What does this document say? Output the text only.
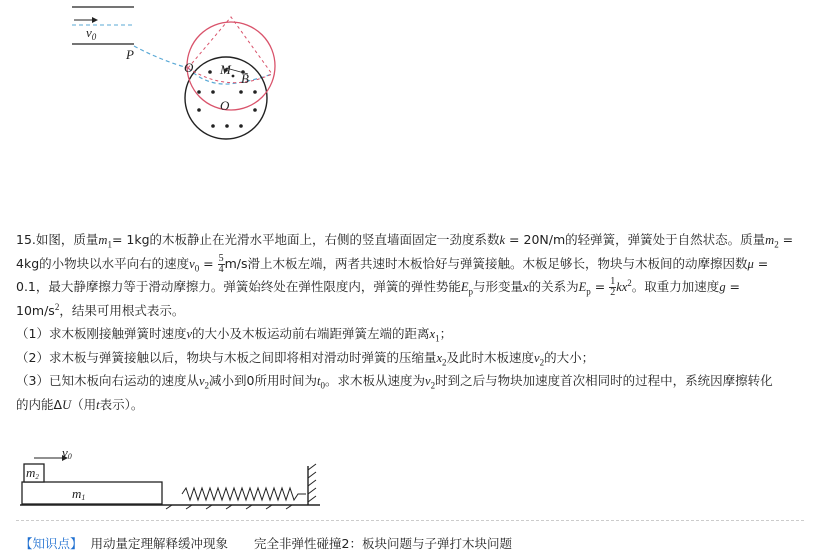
$v_0$
P
O M
B
O
15.如图，质量$m_1= 1kg$的木板静止在光滑水平地面上，右侧的竖直墙面固定一劲度系数k = 20N/m的轻弹簧，弹簧处于自然状态。质量$m_2$ =
4kg的小物块以水平向右的速度$v_0 = \frac{5}{4} m/s$滑上木板左端，两者共速时木板恰好与弹簧接触。木板足够长，物块与木板间的动摩擦因数μ =
0.1，最大静摩擦力等于滑动摩擦力。弹簧始终处在弹性限度内，弹簧的弹性势能$E_p$与形变量x的关系为$E_p = \frac{1}{2} kx^2$。取重力加速度g =
$10m/s^2$，结果可用根式表示。
（1）求木板刚接触弹簧时速度v的大小及木板运动前右端距弹簧左端的距离$x_1$；
（2）求木板与弹簧接触以后，物块与木板之间即将相对滑动时弹簧的压缩量$x_2$及此时木板速度$v_2$的大小；
（3）已知木板向右运动的速度从$v_2$减小到0所用时间为$t_0$。求木板从速度为$v_2$时到之后与物块加速度首次相同时的过程中，系统因摩擦转化
的内能ΔU（用t表示）。
m1
m2
v0
【知识点】 用动量定理解释缓冲现象 完全非弹性碰撞2：板块问题与子弹打木块问题
